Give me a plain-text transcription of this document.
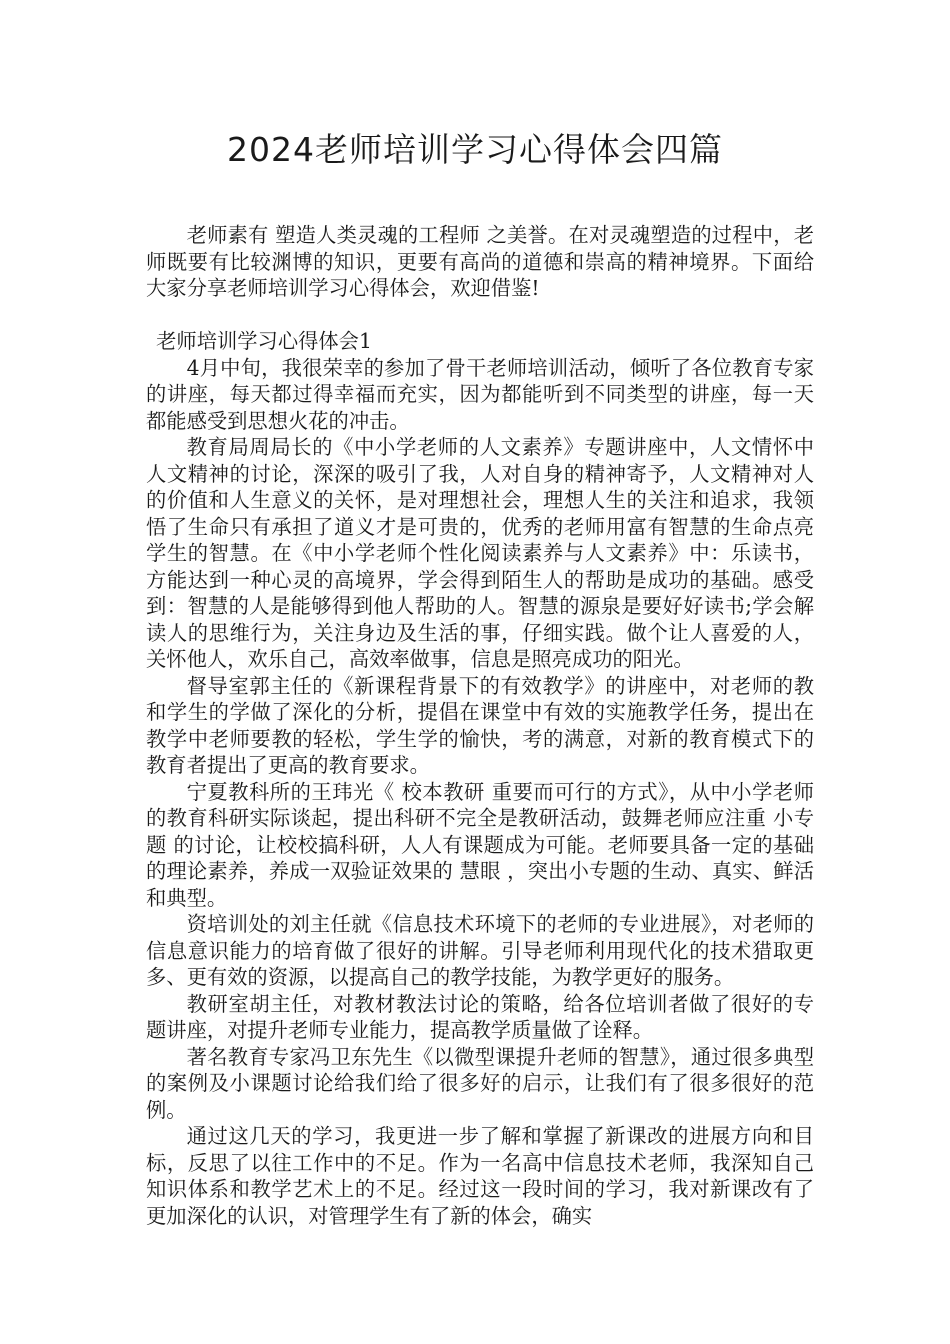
2024老师培训学习心得体会四篇

老师素有 塑造人类灵魂的工程师 之美誉。在对灵魂塑造的过程中，老师既要有比较渊博的知识，更要有高尚的道德和崇高的精神境界。下面给大家分享老师培训学习心得体会，欢迎借鉴!

老师培训学习心得体会1

4月中旬，我很荣幸的参加了骨干老师培训活动，倾听了各位教育专家的讲座，每天都过得幸福而充实，因为都能听到不同类型的讲座，每一天都能感受到思想火花的冲击。

教育局周局长的《中小学老师的人文素养》专题讲座中，人文情怀中人文精神的讨论，深深的吸引了我，人对自身的精神寄予，人文精神对人的价值和人生意义的关怀，是对理想社会，理想人生的关注和追求，我领悟了生命只有承担了道义才是可贵的，优秀的老师用富有智慧的生命点亮学生的智慧。在《中小学老师个性化阅读素养与人文素养》中：乐读书，方能达到一种心灵的高境界，学会得到陌生人的帮助是成功的基础。感受到：智慧的人是能够得到他人帮助的人。智慧的源泉是要好好读书;学会解读人的思维行为，关注身边及生活的事，仔细实践。做个让人喜爱的人，关怀他人，欢乐自己，高效率做事，信息是照亮成功的阳光。

督导室郭主任的《新课程背景下的有效教学》的讲座中，对老师的教和学生的学做了深化的分析，提倡在课堂中有效的实施教学任务，提出在教学中老师要教的轻松，学生学的愉快，考的满意，对新的教育模式下的教育者提出了更高的教育要求。

宁夏教科所的王玮光《 校本教研 重要而可行的方式》，从中小学老师的教育科研实际谈起，提出科研不完全是教研活动，鼓舞老师应注重 小专题 的讨论，让校校搞科研，人人有课题成为可能。老师要具备一定的基础的理论素养，养成一双验证效果的 慧眼 ，突出小专题的生动、真实、鲜活和典型。

资培训处的刘主任就《信息技术环境下的老师的专业进展》，对老师的信息意识能力的培育做了很好的讲解。引导老师利用现代化的技术猎取更多、更有效的资源，以提高自己的教学技能，为教学更好的服务。

教研室胡主任，对教材教法讨论的策略，给各位培训者做了很好的专题讲座，对提升老师专业能力，提高教学质量做了诠释。

著名教育专家冯卫东先生《以微型课提升老师的智慧》，通过很多典型的案例及小课题讨论给我们给了很多好的启示，让我们有了很多很好的范例。

通过这几天的学习，我更进一步了解和掌握了新课改的进展方向和目标，反思了以往工作中的不足。作为一名高中信息技术老师，我深知自己知识体系和教学艺术上的不足。经过这一段时间的学习，我对新课改有了更加深化的认识，对管理学生有了新的体会，确实
